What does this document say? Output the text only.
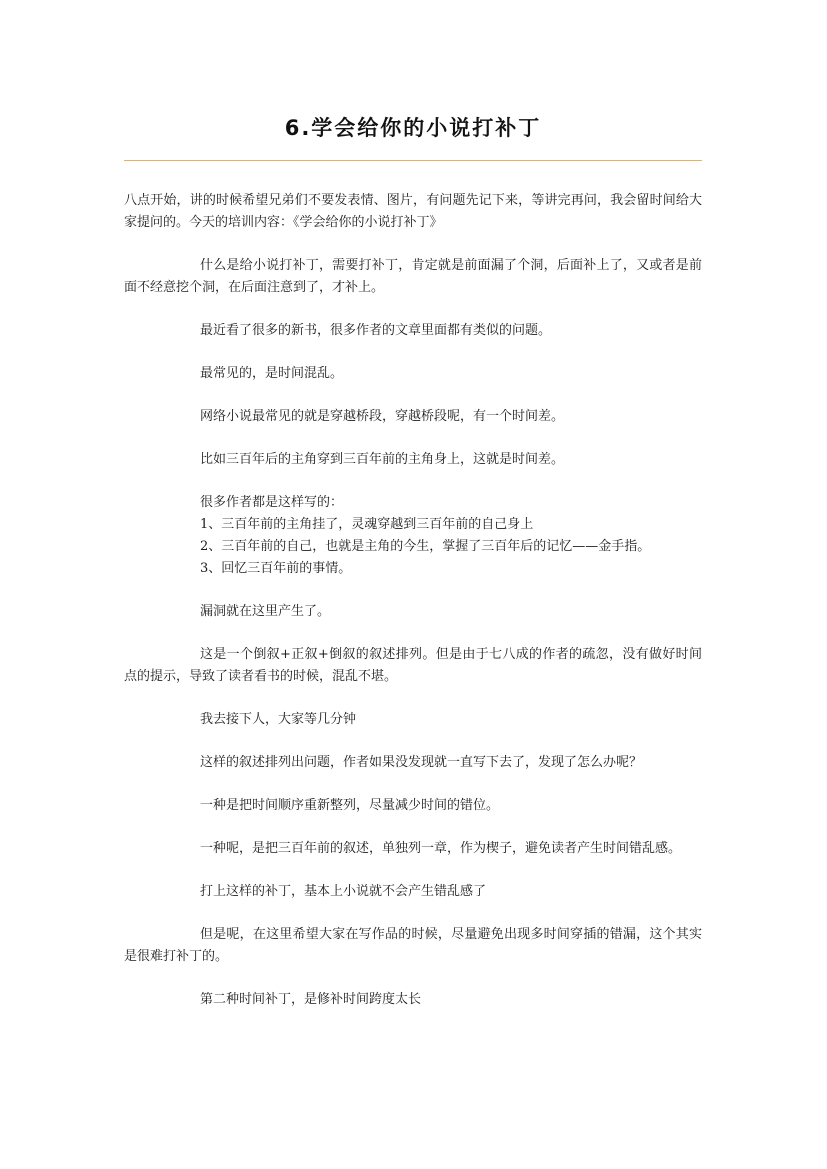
6.学会给你的小说打补丁

八点开始，讲的时候希望兄弟们不要发表情、图片，有问题先记下来，等讲完再问，我会留时间给大家提问的。今天的培训内容：《学会给你的小说打补丁》

什么是给小说打补丁，需要打补丁，肯定就是前面漏了个洞，后面补上了，又或者是前面不经意挖个洞，在后面注意到了，才补上。

最近看了很多的新书，很多作者的文章里面都有类似的问题。

最常见的，是时间混乱。

网络小说最常见的就是穿越桥段，穿越桥段呢，有一个时间差。

比如三百年后的主角穿到三百年前的主角身上，这就是时间差。

很多作者都是这样写的：
1、三百年前的主角挂了，灵魂穿越到三百年前的自己身上
2、三百年前的自己，也就是主角的今生，掌握了三百年后的记忆——金手指。
3、回忆三百年前的事情。

漏洞就在这里产生了。

这是一个倒叙+正叙+倒叙的叙述排列。但是由于七八成的作者的疏忽，没有做好时间点的提示，导致了读者看书的时候，混乱不堪。

我去接下人，大家等几分钟

这样的叙述排列出问题，作者如果没发现就一直写下去了，发现了怎么办呢？

一种是把时间顺序重新整列，尽量减少时间的错位。

一种呢，是把三百年前的叙述，单独列一章，作为楔子，避免读者产生时间错乱感。

打上这样的补丁，基本上小说就不会产生错乱感了

但是呢，在这里希望大家在写作品的时候，尽量避免出现多时间穿插的错漏，这个其实是很难打补丁的。

第二种时间补丁，是修补时间跨度太长
